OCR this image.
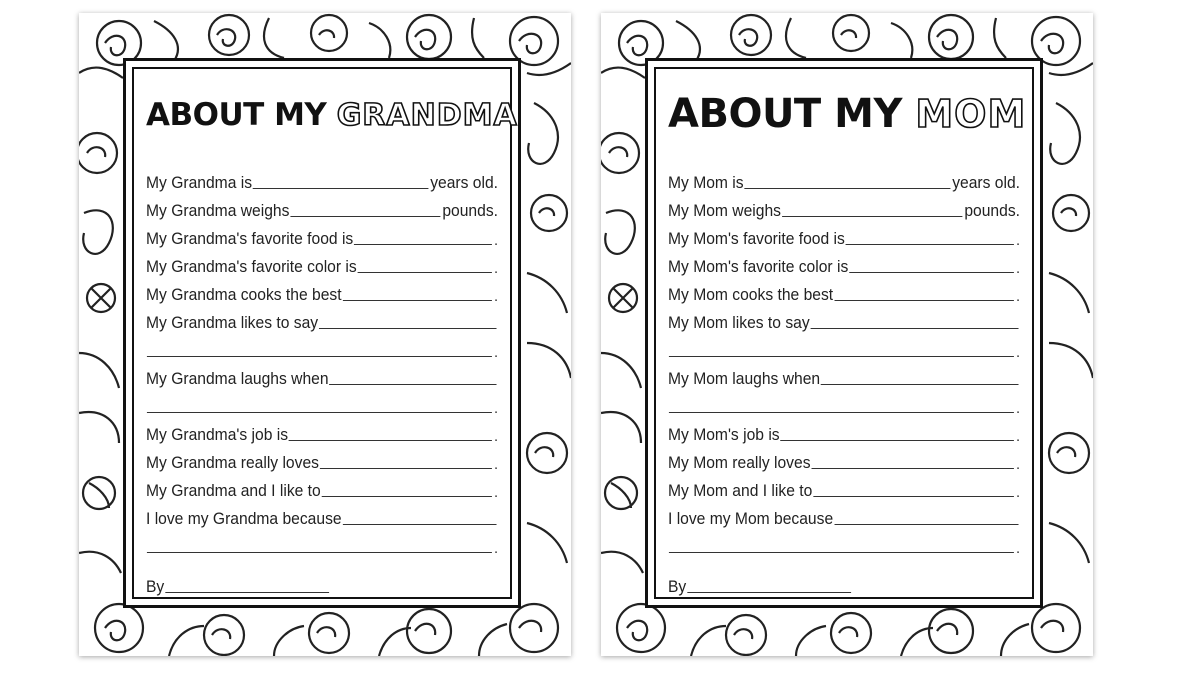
ABOUT MY GRANDMA
My Grandma is	years old.
My Grandma weighs	pounds.
My Grandma's favorite food is	.
My Grandma's favorite color is	.
My Grandma cooks the best	.
My Grandma likes to say
.
My Grandma laughs when
.
My Grandma's job is	.
My Grandma really loves	.
My Grandma and I like to	.
I love my Grandma because
.
By
ABOUT MY MOM
My Mom is	years old.
My Mom weighs	pounds.
My Mom's favorite food is	.
My Mom's favorite color is	.
My Mom cooks the best	.
My Mom likes to say
.
My Mom laughs when
.
My Mom's job is	.
My Mom really loves	.
My Mom and I like to	.
I love my Mom because
.
By
